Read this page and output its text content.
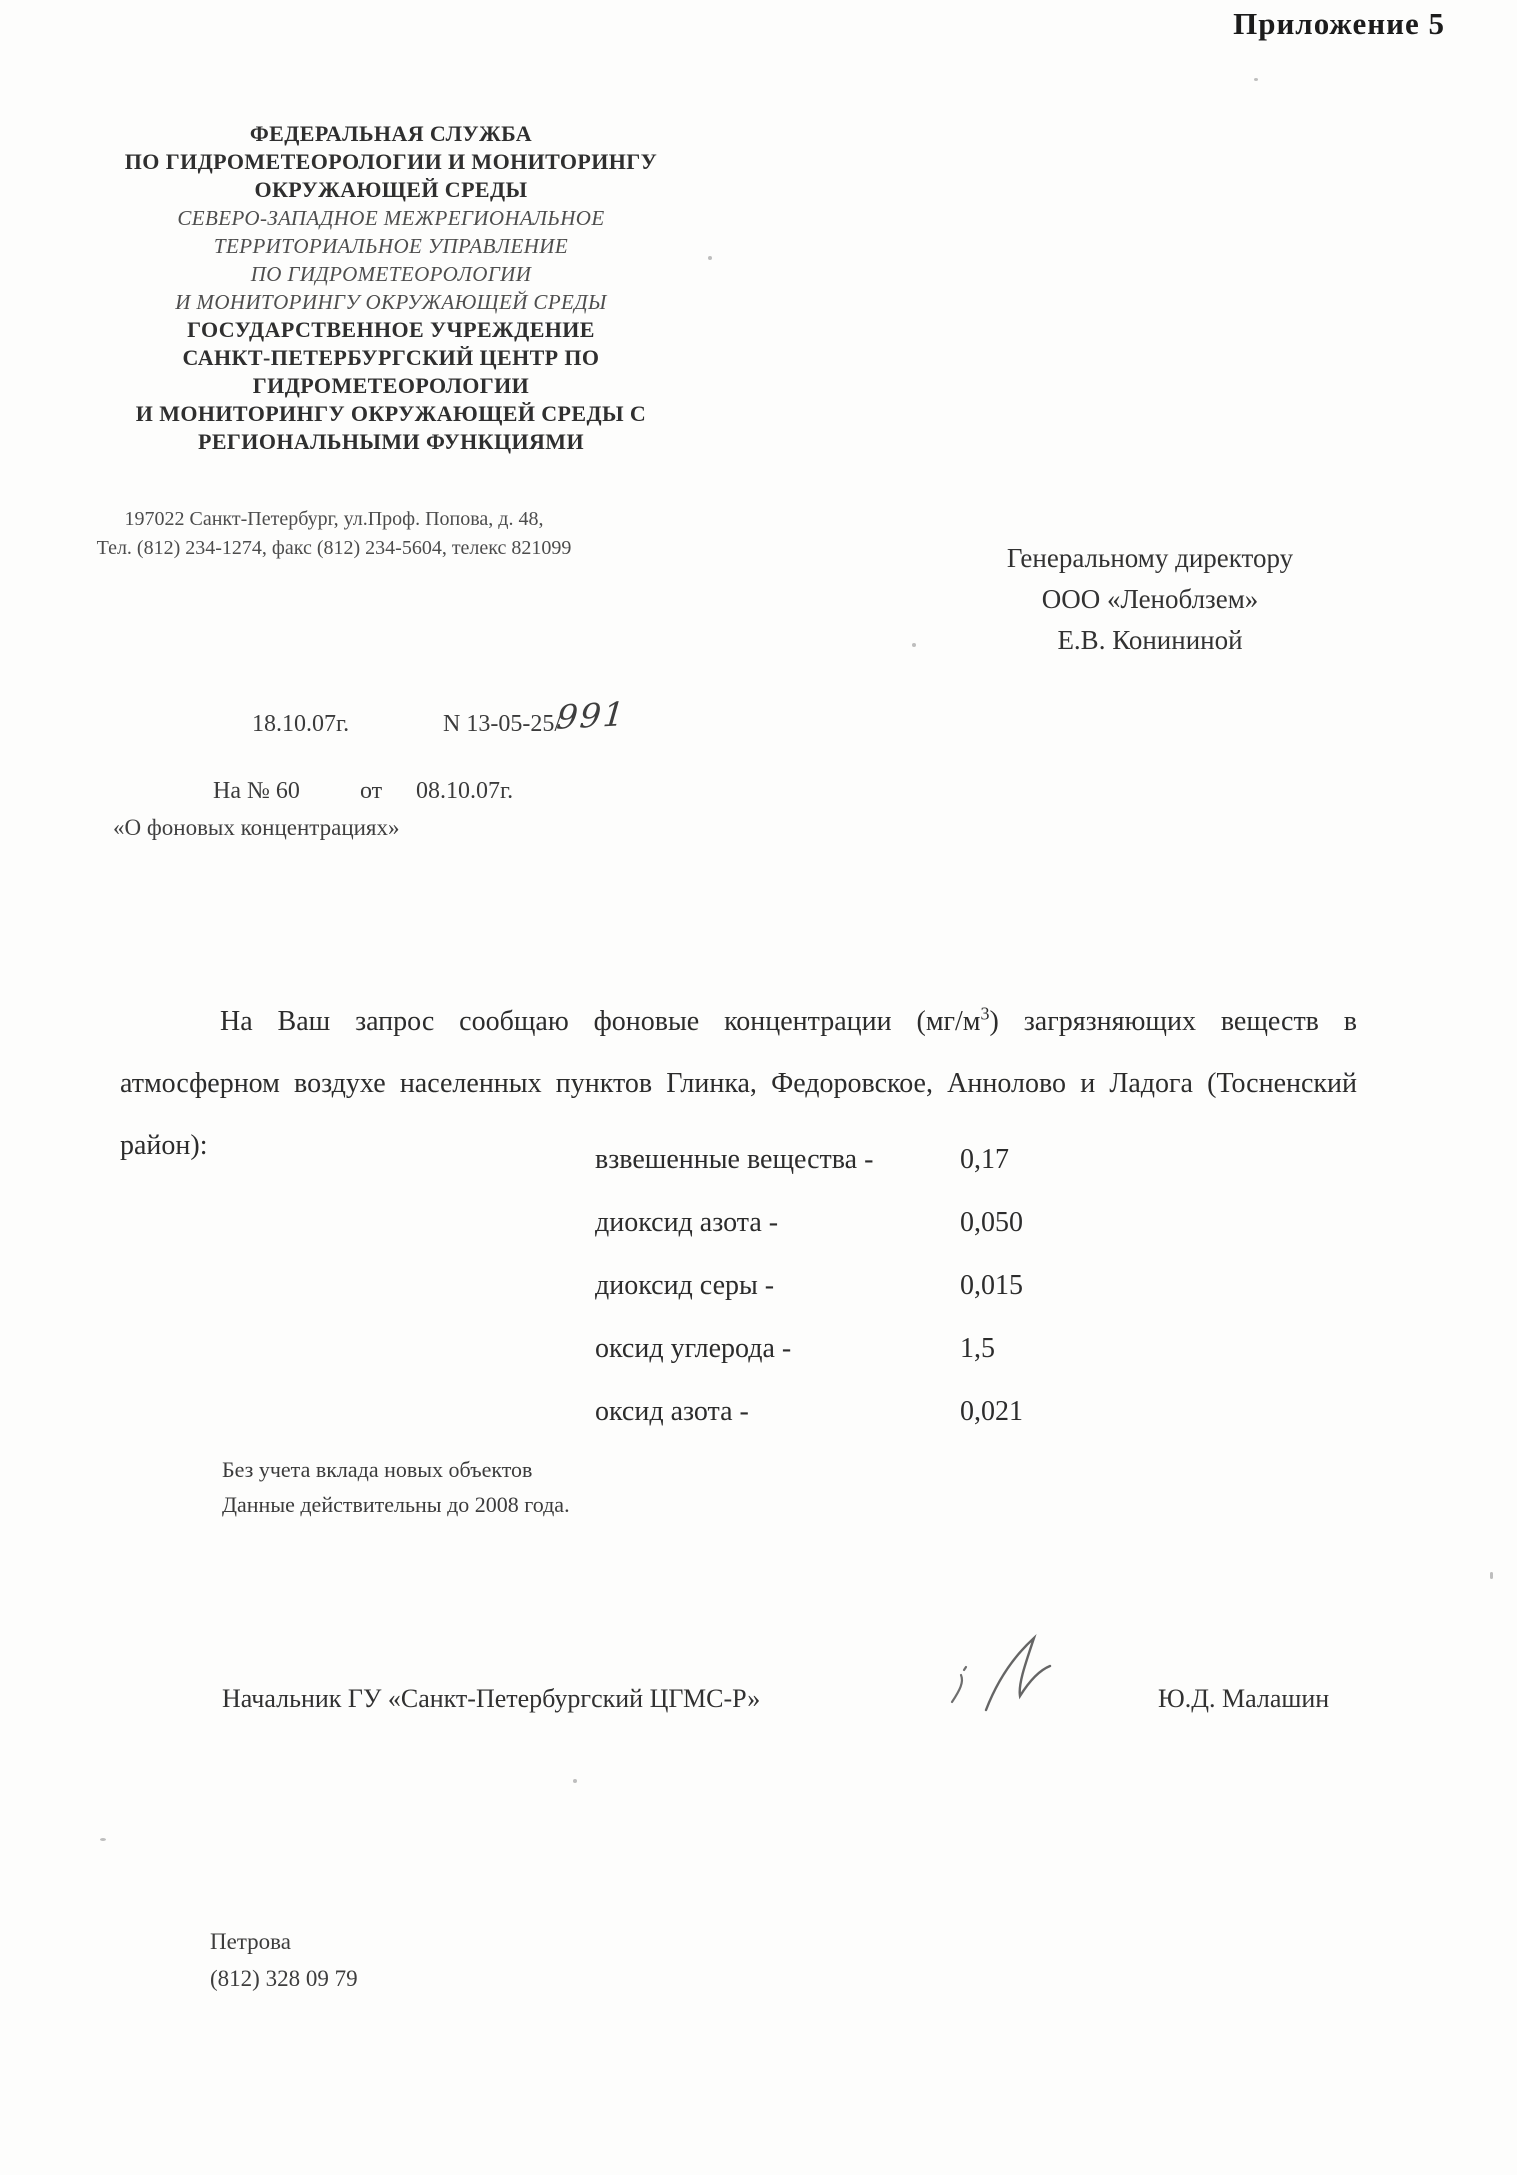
Приложение 5
ФЕДЕРАЛЬНАЯ СЛУЖБА
ПО ГИДРОМЕТЕОРОЛОГИИ И МОНИТОРИНГУ
ОКРУЖАЮЩЕЙ СРЕДЫ
СЕВЕРО-ЗАПАДНОЕ МЕЖРЕГИОНАЛЬНОЕ
ТЕРРИТОРИАЛЬНОЕ УПРАВЛЕНИЕ
ПО ГИДРОМЕТЕОРОЛОГИИ
И МОНИТОРИНГУ ОКРУЖАЮЩЕЙ СРЕДЫ
ГОСУДАРСТВЕННОЕ УЧРЕЖДЕНИЕ
САНКТ-ПЕТЕРБУРГСКИЙ ЦЕНТР ПО
ГИДРОМЕТЕОРОЛОГИИ
И МОНИТОРИНГУ ОКРУЖАЮЩЕЙ СРЕДЫ С
РЕГИОНАЛЬНЫМИ ФУНКЦИЯМИ
197022 Санкт-Петербург, ул.Проф. Попова, д. 48,
Тел. (812) 234-1274, факс (812) 234-5604, телекс 821099	Генеральному директору
ООО «Леноблзем»
Е.В. Конининой
18.10.07г.	N 13-05-25/
991
На № 60	от 08.10.07г.
«О фоновых концентрациях»

На Ваш запрос сообщаю фоновые концентрации $(мг/м^3)$ загрязняющих веществ в атмосферном воздухе населенных пунктов Глинка, Федоровское, Аннолово и Ладога (Тосненский район):	взвешенные вещества -	0,17
диоксид азота -	0,050
диоксид серы -	0,015
оксид углерода -	1,5
оксид азота -	0,021
Без учета вклада новых объектов
Данные действительны до 2008 года.
Начальник ГУ «Санкт-Петербургский ЦГМС-Р»	Ю.Д. Малашин
Петрова
(812) 328 09 79
